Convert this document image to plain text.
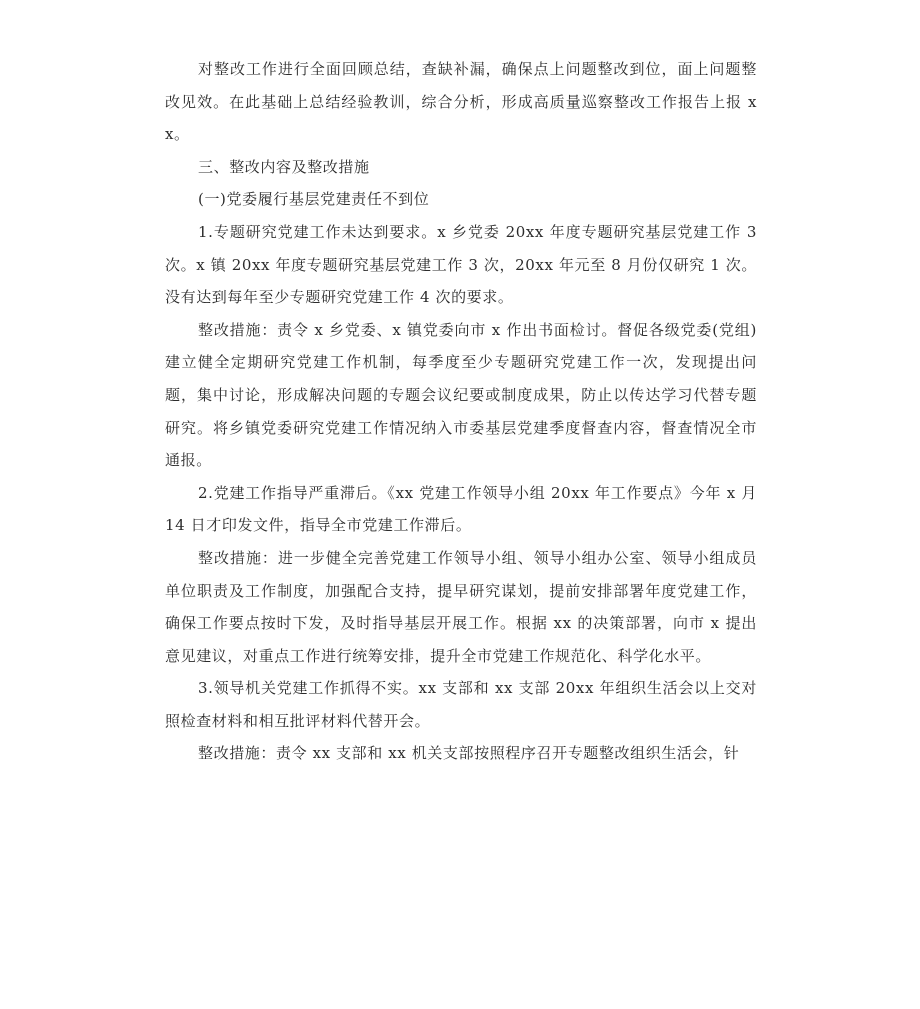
对整改工作进行全面回顾总结，查缺补漏，确保点上问题整改到位，面上问题整改见效。在此基础上总结经验教训，综合分析，形成高质量巡察整改工作报告上报 xx。

三、整改内容及整改措施

(一)党委履行基层党建责任不到位

1.专题研究党建工作未达到要求。x 乡党委 20xx 年度专题研究基层党建工作 3 次。x 镇 20xx 年度专题研究基层党建工作 3 次，20xx 年元至 8 月份仅研究 1 次。没有达到每年至少专题研究党建工作 4 次的要求。

整改措施：责令 x 乡党委、x 镇党委向市 x 作出书面检讨。督促各级党委(党组)建立健全定期研究党建工作机制，每季度至少专题研究党建工作一次，发现提出问题，集中讨论，形成解决问题的专题会议纪要或制度成果，防止以传达学习代替专题研究。将乡镇党委研究党建工作情况纳入市委基层党建季度督查内容，督查情况全市通报。

2.党建工作指导严重滞后。《xx 党建工作领导小组 20xx 年工作要点》今年 x 月 14 日才印发文件，指导全市党建工作滞后。

整改措施：进一步健全完善党建工作领导小组、领导小组办公室、领导小组成员单位职责及工作制度，加强配合支持，提早研究谋划，提前安排部署年度党建工作，确保工作要点按时下发，及时指导基层开展工作。根据 xx 的决策部署，向市 x 提出意见建议，对重点工作进行统筹安排，提升全市党建工作规范化、科学化水平。

3.领导机关党建工作抓得不实。xx 支部和 xx 支部 20xx 年组织生活会以上交对照检查材料和相互批评材料代替开会。

整改措施：责令 xx 支部和 xx 机关支部按照程序召开专题整改组织生活会，针
